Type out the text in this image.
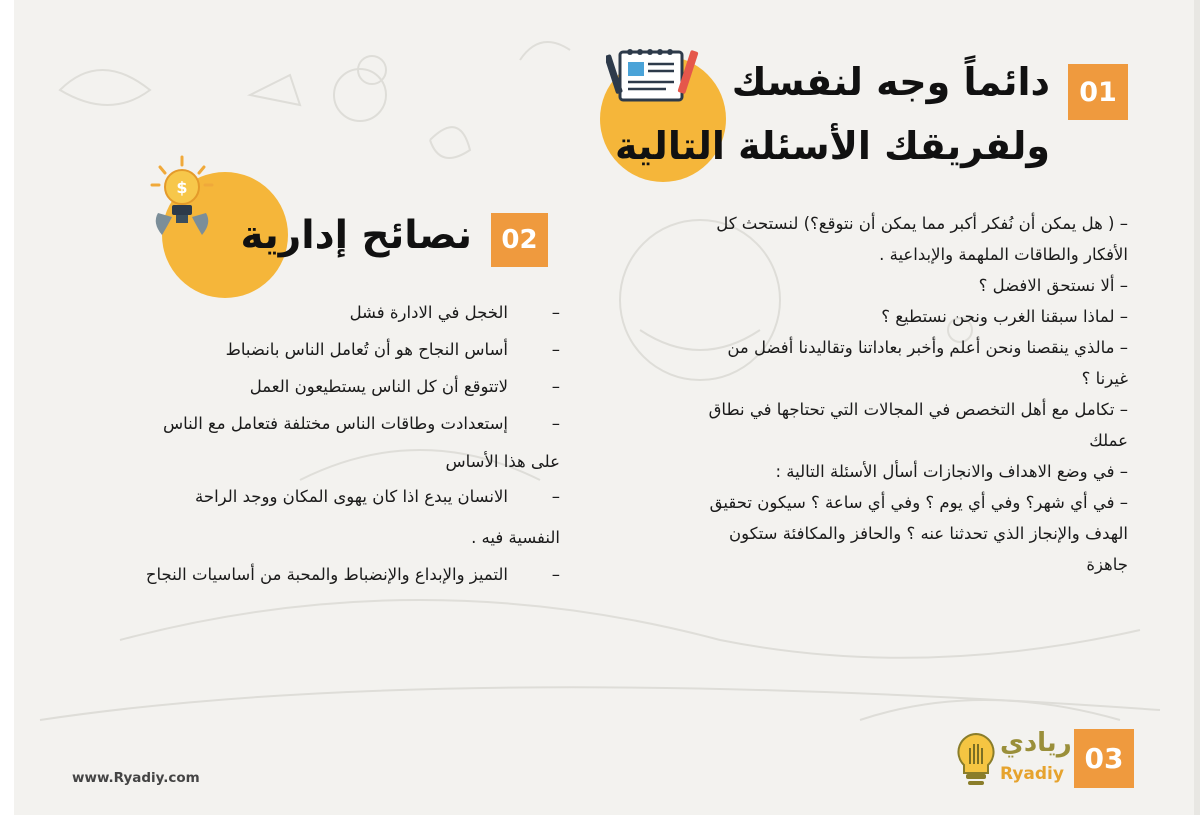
01
دائماً وجه لنفسك
ولفريقك الأسئلة التالية

– ( هل يمكن أن نُفكر أكبر مما يمكن أن نتوقع؟) لنستحث كل

الأفكار والطاقات الملهمة والإبداعية .

– ألا نستحق الافضل ؟

– لماذا سبقنا الغرب ونحن نستطيع ؟

– مالذي ينقصنا ونحن أعلم وأخبر بعاداتنا وتقاليدنا أفضل من

غيرنا ؟

– تكامل مع أهل التخصص في المجالات التي تحتاجها في نطاق

عملك

– في وضع الاهداف والانجازات أسأل الأسئلة التالية :

– في أي شهر؟ وفي أي يوم ؟ وفي أي ساعة ؟ سيكون تحقيق

الهدف والإنجاز الذي تحدثنا عنه ؟ والحافز والمكافئة ستكون

جاهزة

$
02
نصائح إدارية
–
الخجل في الادارة فشل
–
أساس النجاح هو أن تُعامل الناس بانضباط
–
لاتتوقع أن كل الناس يستطيعون العمل
–
إستعدادت وطاقات الناس مختلفة فتعامل مع الناس
على هذا الأساس
–
الانسان يبدع اذا كان يهوى المكان ووجد الراحة
النفسية فيه .
–
التميز والإبداع والإنضباط والمحبة من أساسيات النجاح
www.Ryadiy.com
ريادي
Ryadiy 03
